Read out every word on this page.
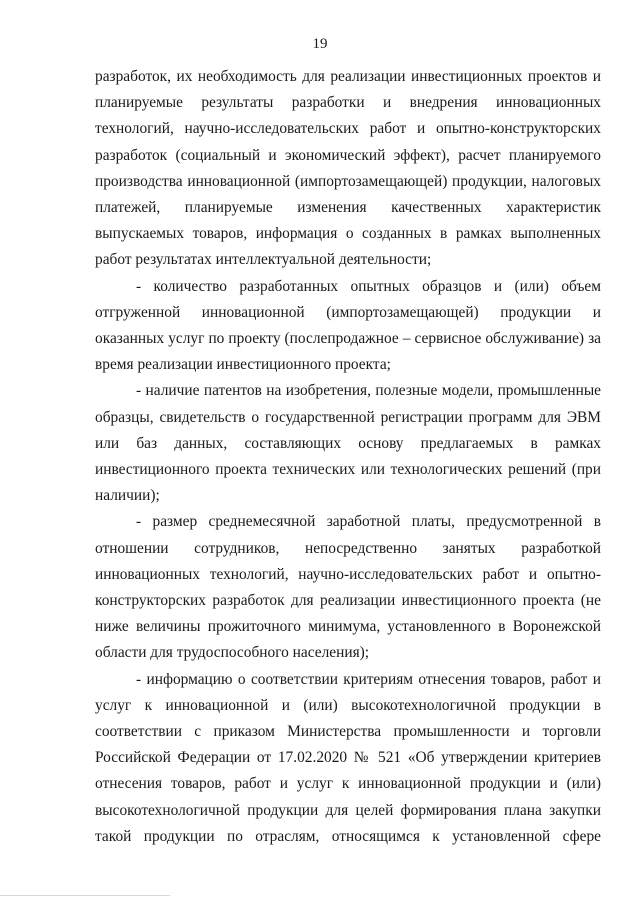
19

разработок, их необходимость для реализации инвестиционных проектов и планируемые результаты разработки и внедрения инновационных технологий, научно-исследовательских работ и опытно-конструкторских разработок (социальный и экономический эффект), расчет планируемого производства инновационной (импортозамещающей) продукции, налоговых платежей, планируемые изменения качественных характеристик выпускаемых товаров, информация о созданных в рамках выполненных работ результатах интеллектуальной деятельности;

- количество разработанных опытных образцов и (или) объем отгруженной инновационной (импортозамещающей) продукции и оказанных услуг по проекту (послепродажное – сервисное обслуживание) за время реализации инвестиционного проекта;

- наличие патентов на изобретения, полезные модели, промышленные образцы, свидетельств о государственной регистрации программ для ЭВМ или баз данных, составляющих основу предлагаемых в рамках инвестиционного проекта технических или технологических решений (при наличии);

- размер среднемесячной заработной платы, предусмотренной в отношении сотрудников, непосредственно занятых разработкой инновационных технологий, научно-исследовательских работ и опытно-конструкторских разработок для реализации инвестиционного проекта (не ниже величины прожиточного минимума, установленного в Воронежской области для трудоспособного населения);

- информацию о соответствии критериям отнесения товаров, работ и услуг к инновационной и (или) высокотехнологичной продукции в соответствии с приказом Министерства промышленности и торговли Российской Федерации от 17.02.2020 № 521 «Об утверждении критериев отнесения товаров, работ и услуг к инновационной продукции и (или) высокотехнологичной продукции для целей формирования плана закупки такой продукции по отраслям, относящимся к установленной сфере
